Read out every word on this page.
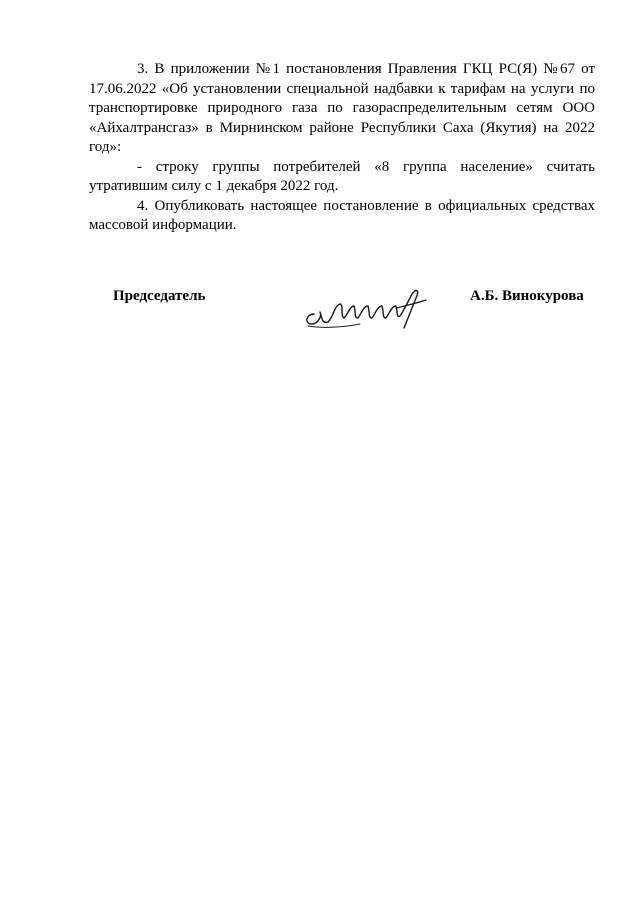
3. В приложении №1 постановления Правления ГКЦ РС(Я) №67 от 17.06.2022 «Об установлении специальной надбавки к тарифам на услуги по транспортировке природного газа по газораспределительным сетям ООО «Айхалтрансгаз» в Мирнинском районе Республики Саха (Якутия) на 2022 год»:

- строку группы потребителей «8 группа население» считать утратившим силу с 1 декабря 2022 год.

4. Опубликовать настоящее постановление в официальных средствах массовой информации.

Председатель	А.Б. Винокурова
